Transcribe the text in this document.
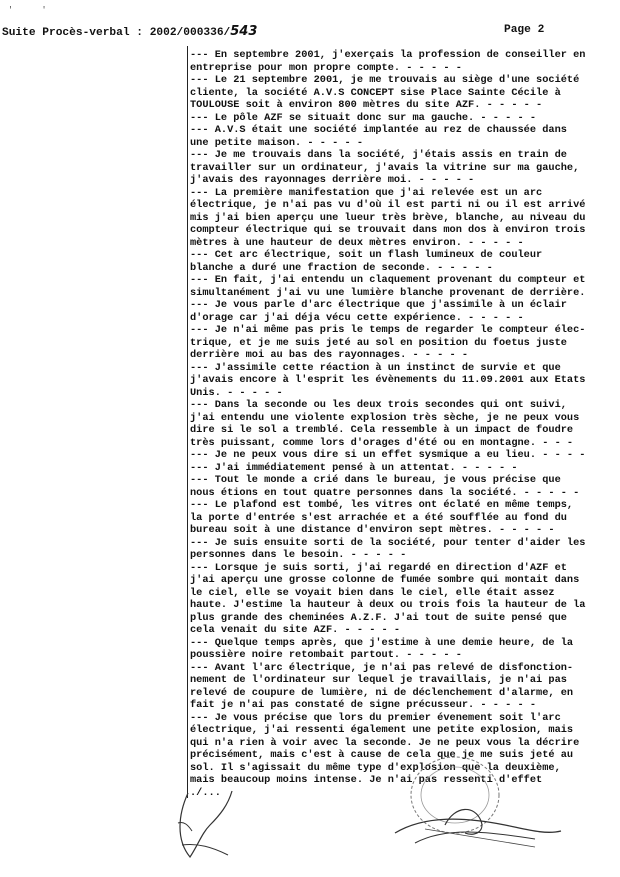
' '

Suite Procès-verbal : 2002/000336/543

	Page 2

--- En septembre 2001, j'exerçais la profession de conseiller en
entreprise pour mon propre compte. - - - - -
--- Le 21 septembre 2001, je me trouvais au siège d'une société
cliente, la société A.V.S CONCEPT sise Place Sainte Cécile à
TOULOUSE soit à environ 800 mètres du site AZF. - - - - -
--- Le pôle AZF se situait donc sur ma gauche. - - - - -
--- A.V.S était une société implantée au rez de chaussée dans
une petite maison. - - - - -
--- Je me trouvais dans la société, j'étais assis en train de
travailler sur un ordinateur, j'avais la vitrine sur ma gauche,
j'avais des rayonnages derrière moi. - - - - -
--- La première manifestation que j'ai relevée est un arc
électrique, je n'ai pas vu d'où il est parti ni ou il est arrivé
mis j'ai bien aperçu une lueur très brève, blanche, au niveau du
compteur électrique qui se trouvait dans mon dos à environ trois
mètres à une hauteur de deux mètres environ. - - - - -
--- Cet arc électrique, soit un flash lumineux de couleur
blanche a duré une fraction de seconde. - - - - -
--- En fait, j'ai entendu un claquement provenant du compteur et
simultanément j'ai vu une lumière blanche provenant de derrière.
--- Je vous parle d'arc électrique que j'assimile à un éclair
d'orage car j'ai déja vécu cette expérience. - - - - -
--- Je n'ai même pas pris le temps de regarder le compteur élec-
trique, et je me suis jeté au sol en position du foetus juste
derrière moi au bas des rayonnages. - - - - -
--- J'assimile cette réaction à un instinct de survie et que
j'avais encore à l'esprit les évènements du 11.09.2001 aux Etats
Unis. - - - - -
--- Dans la seconde ou les deux trois secondes qui ont suivi,
j'ai entendu une violente explosion très sèche, je ne peux vous
dire si le sol a tremblé. Cela ressemble à un impact de foudre
très puissant, comme lors d'orages d'été ou en montagne. - - -
--- Je ne peux vous dire si un effet sysmique a eu lieu. - - - -
--- J'ai immédiatement pensé à un attentat. - - - - -
--- Tout le monde a crié dans le bureau, je vous précise que
nous étions en tout quatre personnes dans la société. - - - - -
--- Le plafond est tombé, les vitres ont éclaté en même temps,
la porte d'entrée s'est arrachée et a été soufflée au fond du
bureau soit à une distance d'environ sept mètres. - - - - -
--- Je suis ensuite sorti de la société, pour tenter d'aider les
personnes dans le besoin. - - - - -
--- Lorsque je suis sorti, j'ai regardé en direction d'AZF et
j'ai aperçu une grosse colonne de fumée sombre qui montait dans
le ciel, elle se voyait bien dans le ciel, elle était assez
haute. J'estime la hauteur à deux ou trois fois la hauteur de la
plus grande des cheminées A.Z.F. J'ai tout de suite pensé que
cela venait du site AZF. - - - - -
--- Quelque temps après, que j'estime à une demie heure, de la
poussière noire retombait partout. - - - - -
--- Avant l'arc électrique, je n'ai pas relevé de disfonction-
nement de l'ordinateur sur lequel je travaillais, je n'ai pas
relevé de coupure de lumière, ni de déclenchement d'alarme, en
fait je n'ai pas constaté de signe précusseur. - - - - -
--- Je vous précise que lors du premier évenement soit l'arc
électrique, j'ai ressenti également une petite explosion, mais
qui n'a rien à voir avec la seconde. Je ne peux vous la décrire
précisément, mais c'est à cause de cela que je me suis jeté au
sol. Il s'agissait du même type d'explosion que la deuxième,
mais beaucoup moins intense. Je n'ai pas ressenti d'effet
./...
